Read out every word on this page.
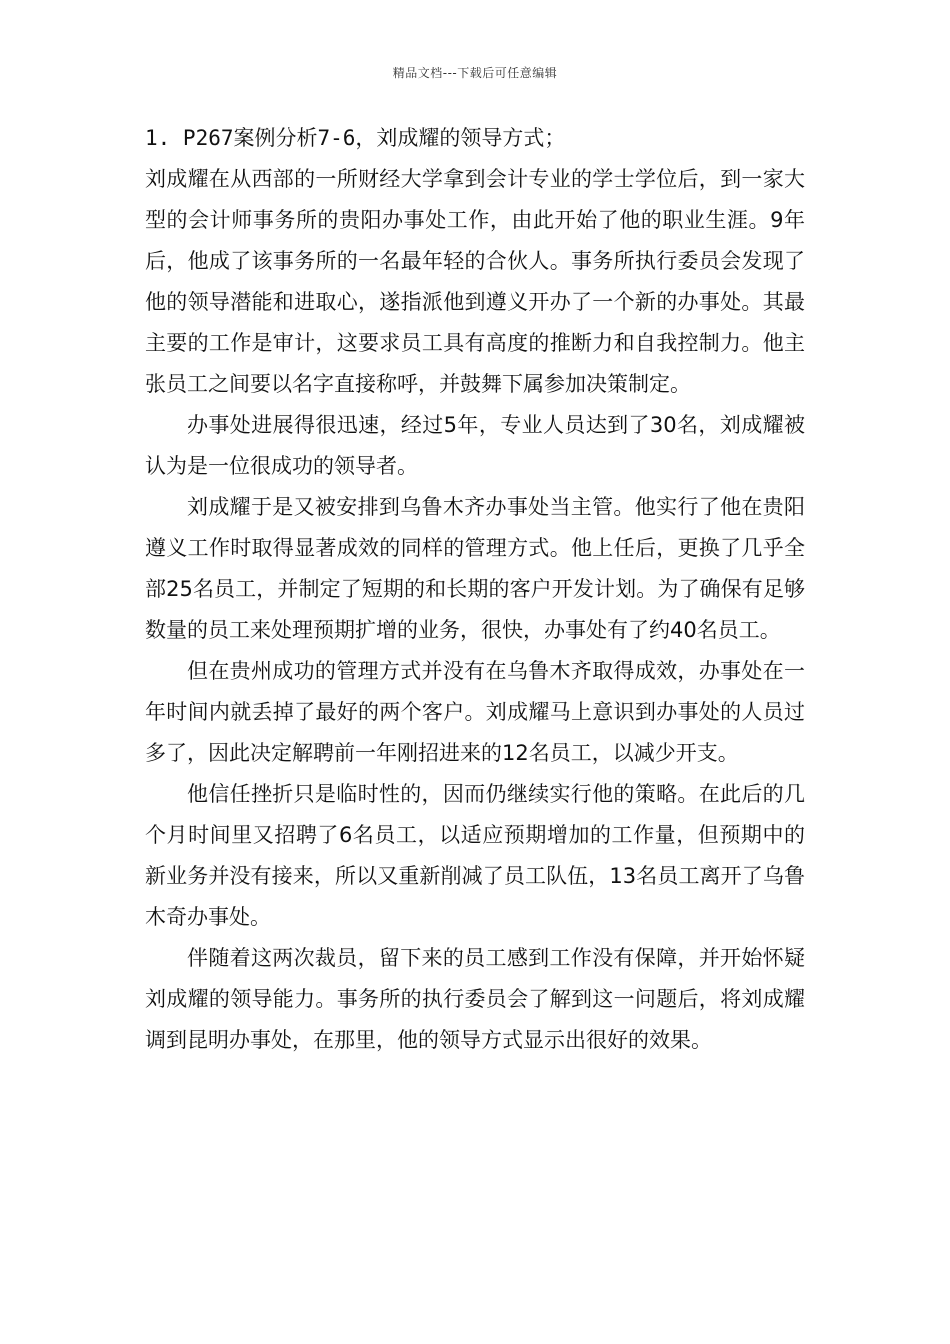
精品文档---下载后可任意编辑

1. P267案例分析7-6，刘成耀的领导方式；

刘成耀在从西部的一所财经大学拿到会计专业的学士学位后，到一家大型的会计师事务所的贵阳办事处工作，由此开始了他的职业生涯。9年后，他成了该事务所的一名最年轻的合伙人。事务所执行委员会发现了他的领导潜能和进取心，遂指派他到遵义开办了一个新的办事处。其最主要的工作是审计，这要求员工具有高度的推断力和自我控制力。他主张员工之间要以名字直接称呼，并鼓舞下属参加决策制定。

办事处进展得很迅速，经过5年，专业人员达到了30名，刘成耀被认为是一位很成功的领导者。

刘成耀于是又被安排到乌鲁木齐办事处当主管。他实行了他在贵阳遵义工作时取得显著成效的同样的管理方式。他上任后，更换了几乎全部25名员工，并制定了短期的和长期的客户开发计划。为了确保有足够数量的员工来处理预期扩增的业务，很快，办事处有了约40名员工。

但在贵州成功的管理方式并没有在乌鲁木齐取得成效，办事处在一年时间内就丢掉了最好的两个客户。刘成耀马上意识到办事处的人员过多了，因此决定解聘前一年刚招进来的12名员工，以减少开支。

他信任挫折只是临时性的，因而仍继续实行他的策略。在此后的几个月时间里又招聘了6名员工，以适应预期增加的工作量，但预期中的新业务并没有接来，所以又重新削减了员工队伍，13名员工离开了乌鲁木奇办事处。

伴随着这两次裁员，留下来的员工感到工作没有保障，并开始怀疑刘成耀的领导能力。事务所的执行委员会了解到这一问题后，将刘成耀调到昆明办事处，在那里，他的领导方式显示出很好的效果。
